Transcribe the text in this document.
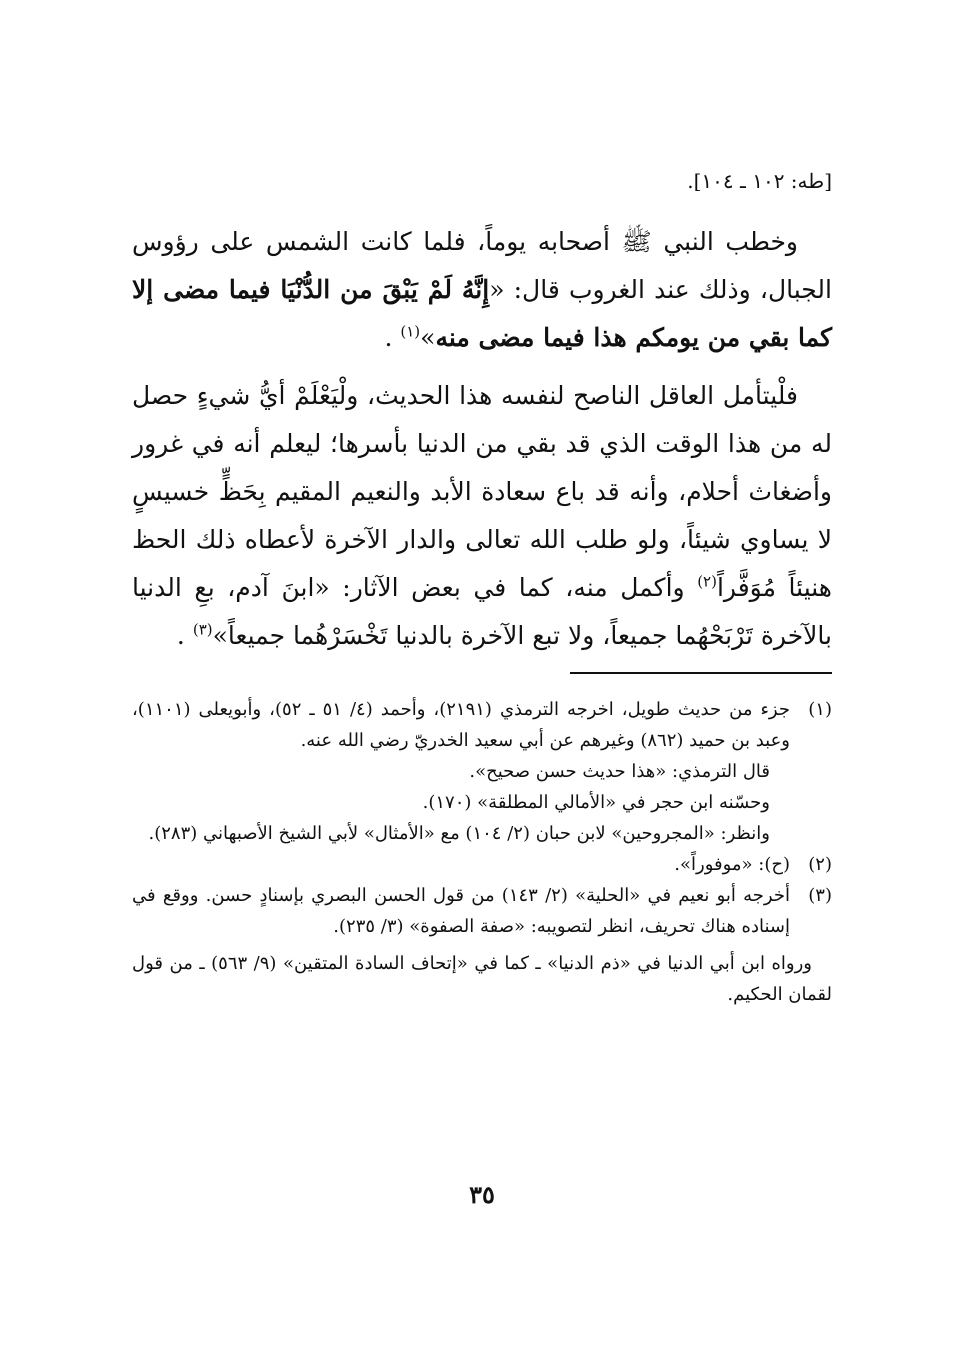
[طه: ١٠٢ ـ ١٠٤].

وخطب النبي ﷺ أصحابه يوماً، فلما كانت الشمس على رؤوس الجبال، وذلك عند الغروب قال: «إِنَّهُ لَمْ يَبْقَ من الدُّنْيَا فيما مضى إلا كما بقي من يومكم هذا فيما مضى منه»$^{(١)}$ .

فلْيتأمل العاقل الناصح لنفسه هذا الحديث، ولْيَعْلَمْ أيُّ شيءٍ حصل له من هذا الوقت الذي قد بقي من الدنيا بأسرها؛ ليعلم أنه في غرور وأضغاث أحلام، وأنه قد باع سعادة الأبد والنعيم المقيم بِحَظٍّ خسيسٍ لا يساوي شيئاً، ولو طلب الله تعالى والدار الآخرة لأعطاه ذلك الحظ هنيئاً مُوَفَّراً$^{(٢)}$ وأكمل منه، كما في بعض الآثار: «ابنَ آدم، بعِ الدنيا بالآخرة تَرْبَحْهُما جميعاً، ولا تبع الآخرة بالدنيا تَخْسَرْهُما جميعاً»$^{(٣)}$ .

(١)

جزء من حديث طويل، اخرجه الترمذي (٢١٩١)، وأحمد (٤/ ٥١ ـ ٥٢)، وأبويعلى (١١٠١)، وعبد بن حميد (٨٦٢) وغيرهم عن أبي سعيد الخدريّ رضي الله عنه.

قال الترمذي: «هذا حديث حسن صحيح».

وحسّنه ابن حجر في «الأمالي المطلقة» (١٧٠).

وانظر: «المجروحين» لابن حبان (٢/ ١٠٤) مع «الأمثال» لأبي الشيخ الأصبهاني (٢٨٣).

(٢)

(ح): «موفوراً».

(٣)

أخرجه أبو نعيم في «الحلية» (٢/ ١٤٣) من قول الحسن البصري بإسنادٍ حسن. ووقع في إسناده هناك تحريف، انظر لتصويبه: «صفة الصفوة» (٣/ ٢٣٥).

ورواه ابن أبي الدنيا في «ذم الدنيا» ـ كما في «إتحاف السادة المتقين» (٩/ ٥٦٣) ـ من قول لقمان الحكيم.

٣٥
